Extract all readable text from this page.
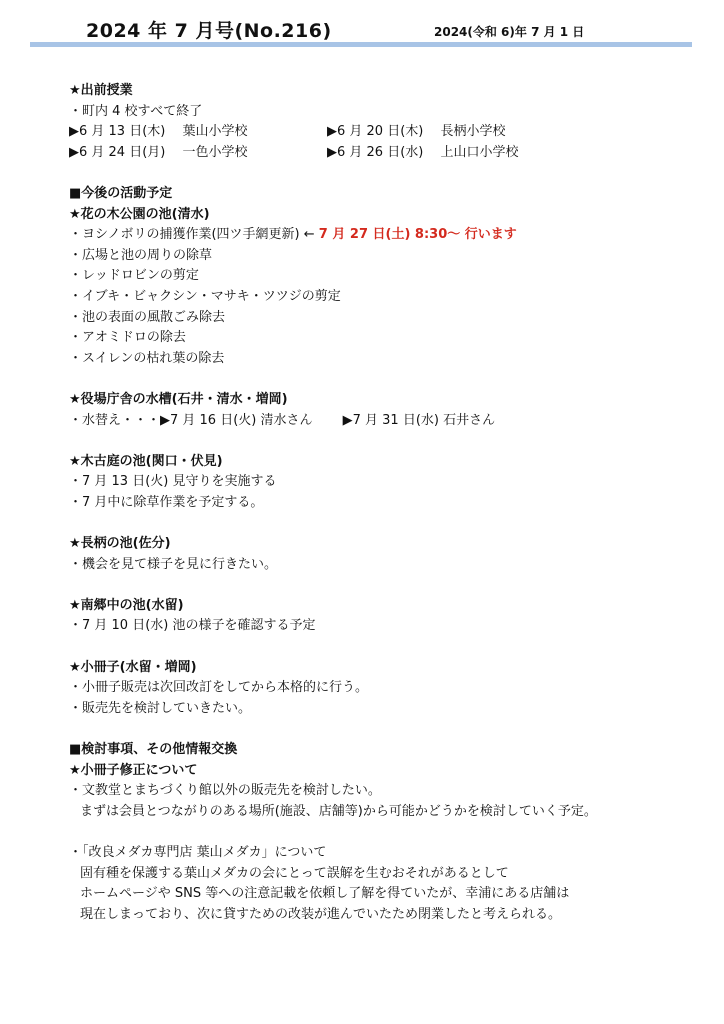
2024 年 7 月号(No.216)	2024(令和 6)年 7 月 1 日
★出前授業
・町内 4 校すべて終了
▶6 月 13 日(木)　 葉山小学校	▶6 月 20 日(木)　 長柄小学校
▶6 月 24 日(月)　 一色小学校	▶6 月 26 日(水)　 上山口小学校
■今後の活動予定
★花の木公園の池(清水)
・ヨシノボリの捕獲作業(四ツ手網更新) ← 7 月 27 日(土) 8:30～ 行います
・広場と池の周りの除草
・レッドロビンの剪定
・イブキ・ビャクシン・マサキ・ツツジの剪定
・池の表面の風散ごみ除去
・アオミドロの除去
・スイレンの枯れ葉の除去
★役場庁舎の水槽(石井・清水・増岡)
・水替え・・・▶7 月 16 日(火) 清水さん　　 ▶7 月 31 日(水) 石井さん
★木古庭の池(関口・伏見)
・7 月 13 日(火) 見守りを実施する
・7 月中に除草作業を予定する。
★長柄の池(佐分)
・機会を見て様子を見に行きたい。
★南郷中の池(水留)
・7 月 10 日(水) 池の様子を確認する予定
★小冊子(水留・増岡)
・小冊子販売は次回改訂をしてから本格的に行う。
・販売先を検討していきたい。
■検討事項、その他情報交換
★小冊子修正について
・文教堂とまちづくり館以外の販売先を検討したい。
まずは会員とつながりのある場所(施設、店舗等)から可能かどうかを検討していく予定。
・「改良メダカ専門店 葉山メダカ」について
固有種を保護する葉山メダカの会にとって誤解を生むおそれがあるとして
ホームページや SNS 等への注意記載を依頼し了解を得ていたが、幸浦にある店舗は
現在しまっており、次に貸すための改装が進んでいたため閉業したと考えられる。
